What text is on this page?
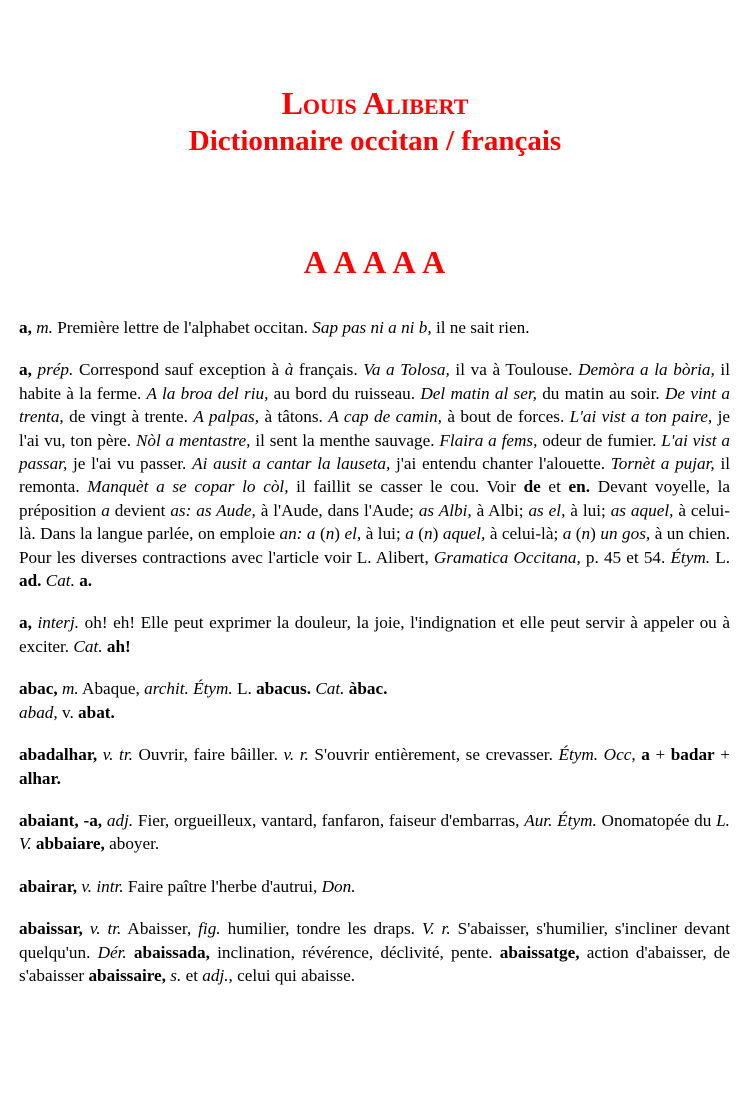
Louis Alibert
Dictionnaire occitan / français
A A A A A

a, m. Première lettre de l'alphabet occitan. Sap pas ni a ni b, il ne sait rien.

a, prép. Correspond sauf exception à à français. Va a Tolosa, il va à Toulouse. Demòra a la bòria, il habite à la ferme. A la broa del riu, au bord du ruisseau. Del matin al ser, du matin au soir. De vint a trenta, de vingt à trente. A palpas, à tâtons. A cap de camin, à bout de forces. L'ai vist a ton paire, je l'ai vu, ton père. Nòl a mentastre, il sent la menthe sauvage. Flaira a fems, odeur de fumier. L'ai vist a passar, je l'ai vu passer. Ai ausit a cantar la lauseta, j'ai entendu chanter l'alouette. Tornèt a pujar, il remonta. Manquèt a se copar lo còl, il faillit se casser le cou. Voir de et en. Devant voyelle, la préposition a devient as: as Aude, à l'Aude, dans l'Aude; as Albi, à Albi; as el, à lui; as aquel, à celui-là. Dans la langue parlée, on emploie an: a (n) el, à lui; a (n) aquel, à celui-là; a (n) un gos, à un chien. Pour les diverses contractions avec l'article voir L. Alibert, Gramatica Occitana, p. 45 et 54. Étym. L. ad. Cat. a.

a, interj. oh! eh! Elle peut exprimer la douleur, la joie, l'indignation et elle peut servir à appeler ou à exciter. Cat. ah!

abac, m. Abaque, archit. Étym. L. abacus. Cat. àbac.

abad, v. abat.

abadalhar, v. tr. Ouvrir, faire bâiller. v. r. S'ouvrir entièrement, se crevasser. Étym. Occ, a + badar + alhar.

abaiant, -a, adj. Fier, orgueilleux, vantard, fanfaron, faiseur d'embarras, Aur. Étym. Onomatopée du L. V. abbaiare, aboyer.

abairar, v. intr. Faire paître l'herbe d'autrui, Don.

abaissar, v. tr. Abaisser, fig. humilier, tondre les draps. V. r. S'abaisser, s'humilier, s'incliner devant quelqu'un. Dér. abaissada, inclination, révérence, déclivité, pente. abaissatge, action d'abaisser, de s'abaisser abaissaire, s. et adj., celui qui abaisse.
